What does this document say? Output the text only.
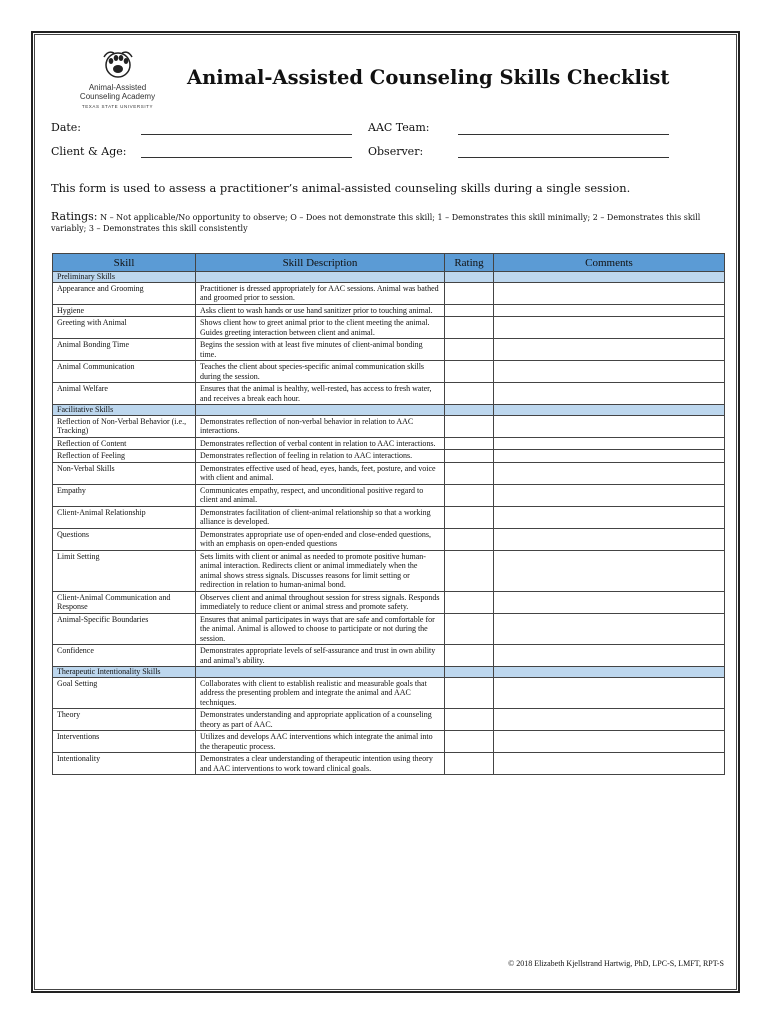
Animal-Assisted
Counseling Academy
TEXAS STATE UNIVERSITY
Animal-Assisted Counseling Skills Checklist
Date:	AAC Team:
Client & Age:	Observer:
This form is used to assess a practitioner’s animal-assisted counseling skills during a single session.
Ratings: N – Not applicable/No opportunity to observe; O – Does not demonstrate this skill; 1 – Demonstrates this skill minimally; 2 – Demonstrates this skill variably; 3 – Demonstrates this skill consistently
Skill	Skill Description	Rating	Comments
Preliminary Skills			
Appearance and Grooming	Practitioner is dressed appropriately for AAC sessions. Animal was bathed and groomed prior to session.		
Hygiene	Asks client to wash hands or use hand sanitizer prior to touching animal.		
Greeting with Animal	Shows client how to greet animal prior to the client meeting the animal. Guides greeting interaction between client and animal.		
Animal Bonding Time	Begins the session with at least five minutes of client-animal bonding time.		
Animal Communication	Teaches the client about species-specific animal communication skills during the session.		
Animal Welfare	Ensures that the animal is healthy, well-rested, has access to fresh water, and receives a break each hour.		
Facilitative Skills			
Reflection of Non-Verbal Behavior (i.e., Tracking)	Demonstrates reflection of non-verbal behavior in relation to AAC interactions.		
Reflection of Content	Demonstrates reflection of verbal content in relation to AAC interactions.		
Reflection of Feeling	Demonstrates reflection of feeling in relation to AAC interactions.		
Non-Verbal Skills	Demonstrates effective used of head, eyes, hands, feet, posture, and voice with client and animal.		
Empathy	Communicates empathy, respect, and unconditional positive regard to client and animal.		
Client-Animal Relationship	Demonstrates facilitation of client-animal relationship so that a working alliance is developed.		
Questions	Demonstrates appropriate use of open-ended and close-ended questions, with an emphasis on open-ended questions		
Limit Setting	Sets limits with client or animal as needed to promote positive human-animal interaction. Redirects client or animal immediately when the animal shows stress signals. Discusses reasons for limit setting or redirection in relation to human-animal bond.		
Client-Animal Communication and Response	Observes client and animal throughout session for stress signals. Responds immediately to reduce client or animal stress and promote safety.		
Animal-Specific Boundaries	Ensures that animal participates in ways that are safe and comfortable for the animal. Animal is allowed to choose to participate or not during the session.		
Confidence	Demonstrates appropriate levels of self-assurance and trust in own ability and animal’s ability.		
Therapeutic Intentionality Skills			
Goal Setting	Collaborates with client to establish realistic and measurable goals that address the presenting problem and integrate the animal and AAC techniques.		
Theory	Demonstrates understanding and appropriate application of a counseling theory as part of AAC.		
Interventions	Utilizes and develops AAC interventions which integrate the animal into the therapeutic process.		
Intentionality	Demonstrates a clear understanding of therapeutic intention using theory and AAC interventions to work toward clinical goals.		
© 2018 Elizabeth Kjellstrand Hartwig, PhD, LPC-S, LMFT, RPT-S
